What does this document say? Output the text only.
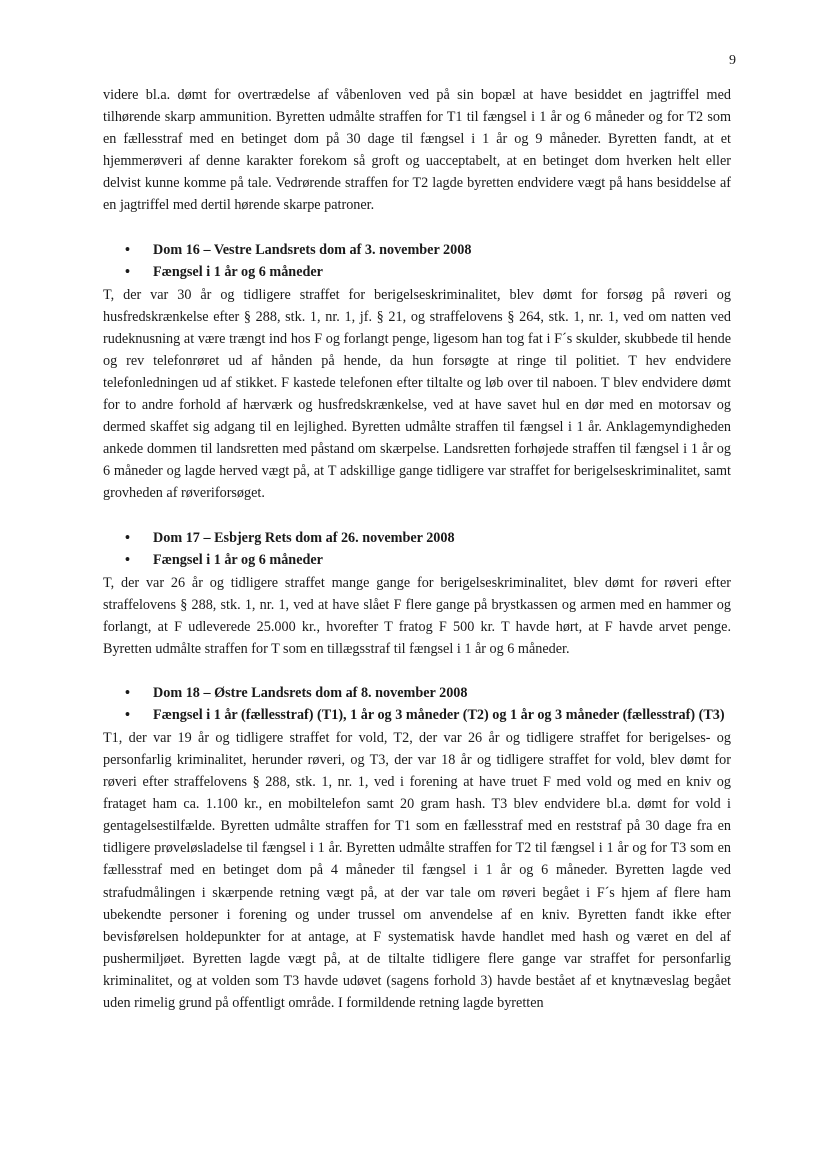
9

videre bl.a. dømt for overtrædelse af våbenloven ved på sin bopæl at have besiddet en jagtriffel med tilhørende skarp ammunition. Byretten udmålte straffen for T1 til fængsel i 1 år og 6 måneder og for T2 som en fællesstraf med en betinget dom på 30 dage til fængsel i 1 år og 9 måneder. Byretten fandt, at et hjemmerøveri af denne karakter forekom så groft og uacceptabelt, at en betinget dom hverken helt eller delvist kunne komme på tale. Vedrørende straffen for T2 lagde byretten endvidere vægt på hans besiddelse af en jagtriffel med dertil hørende skarpe patroner.

• Dom 16 – Vestre Landsrets dom af 3. november 2008
• Fængsel i 1 år og 6 måneder

T, der var 30 år og tidligere straffet for berigelseskriminalitet, blev dømt for forsøg på røveri og husfredskrænkelse efter § 288, stk. 1, nr. 1, jf. § 21, og straffelovens § 264, stk. 1, nr. 1, ved om natten ved rudeknusning at være trængt ind hos F og forlangt penge, ligesom han tog fat i F´s skulder, skubbede til hende og rev telefonrøret ud af hånden på hende, da hun forsøgte at ringe til politiet. T hev endvidere telefonledningen ud af stikket. F kastede telefonen efter tiltalte og løb over til naboen. T blev endvidere dømt for to andre forhold af hærværk og husfredskrænkelse, ved at have savet hul en dør med en motorsav og dermed skaffet sig adgang til en lejlighed. Byretten udmålte straffen til fængsel i 1 år. Anklagemyndigheden ankede dommen til landsretten med påstand om skærpelse. Landsretten forhøjede straffen til fængsel i 1 år og 6 måneder og lagde herved vægt på, at T adskillige gange tidligere var straffet for berigelseskriminalitet, samt grovheden af røveriforsøget.

• Dom 17 – Esbjerg Rets dom af 26. november 2008
• Fængsel i 1 år og 6 måneder

T, der var 26 år og tidligere straffet mange gange for berigelseskriminalitet, blev dømt for røveri efter straffelovens § 288, stk. 1, nr. 1, ved at have slået F flere gange på brystkassen og armen med en hammer og forlangt, at F udleverede 25.000 kr., hvorefter T fratog F 500 kr. T havde hørt, at F havde arvet penge. Byretten udmålte straffen for T som en tillægsstraf til fængsel i 1 år og 6 måneder.

• Dom 18 – Østre Landsrets dom af 8. november 2008
• Fængsel i 1 år (fællesstraf) (T1), 1 år og 3 måneder (T2) og 1 år og 3 måneder (fællesstraf) (T3)

T1, der var 19 år og tidligere straffet for vold, T2, der var 26 år og tidligere straffet for berigelses- og personfarlig kriminalitet, herunder røveri, og T3, der var 18 år og tidligere straffet for vold, blev dømt for røveri efter straffelovens § 288, stk. 1, nr. 1, ved i forening at have truet F med vold og med en kniv og frataget ham ca. 1.100 kr., en mobiltelefon samt 20 gram hash. T3 blev endvidere bl.a. dømt for vold i gentagelsestilfælde. Byretten udmålte straffen for T1 som en fællesstraf med en reststraf på 30 dage fra en tidligere prøveløsladelse til fængsel i 1 år. Byretten udmålte straffen for T2 til fængsel i 1 år og for T3 som en fællesstraf med en betinget dom på 4 måneder til fængsel i 1 år og 6 måneder. Byretten lagde ved strafudmålingen i skærpende retning vægt på, at der var tale om røveri begået i F´s hjem af flere ham ubekendte personer i forening og under trussel om anvendelse af en kniv. Byretten fandt ikke efter bevisførelsen holdepunkter for at antage, at F systematisk havde handlet med hash og været en del af pushermiljøet. Byretten lagde vægt på, at de tiltalte tidligere flere gange var straffet for personfarlig kriminalitet, og at volden som T3 havde udøvet (sagens forhold 3) havde bestået af et knytnæveslag begået uden rimelig grund på offentligt område. I formildende retning lagde byretten
